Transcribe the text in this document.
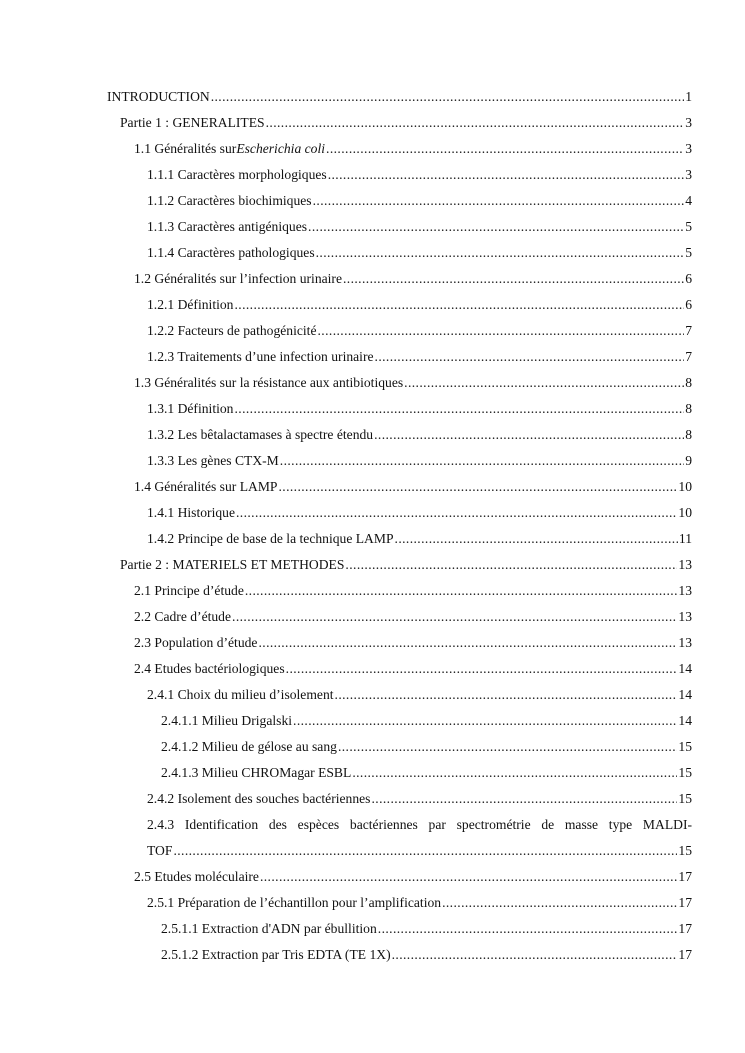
INTRODUCTION .....	1
Partie 1 : GENERALITES .....	3
1.1 Généralités sur Escherichia coli .....	3
1.1.1 Caractères morphologiques .....	3
1.1.2 Caractères biochimiques .....	4
1.1.3 Caractères antigéniques .....	5
1.1.4 Caractères pathologiques .....	5
1.2 Généralités sur l’infection urinaire .....	6
1.2.1 Définition .....	6
1.2.2 Facteurs de pathogénicité .....	7
1.2.3 Traitements d’une infection urinaire .....	7
1.3 Généralités sur la résistance aux antibiotiques .....	8
1.3.1 Définition .....	8
1.3.2 Les bêtalactamases à spectre étendu .....	8
1.3.3 Les gènes CTX-M .....	9
1.4 Généralités sur LAMP .....	10
1.4.1 Historique .....	10
1.4.2 Principe de base de la technique LAMP .....	11
Partie 2 : MATERIELS ET METHODES .....	13
2.1 Principe d’étude .....	13
2.2 Cadre d’étude .....	13
2.3 Population d’étude .....	13
2.4 Etudes bactériologiques .....	14
2.4.1 Choix du milieu d’isolement .....	14
2.4.1.1 Milieu Drigalski .....	14
2.4.1.2 Milieu de gélose au sang .....	15
2.4.1.3 Milieu CHROMagar ESBL .....	15
2.4.2 Isolement des souches bactériennes .....	15
2.4.3 Identification des espèces bactériennes par spectrométrie de masse type MALDI-
TOF .....	15
2.5 Etudes moléculaire .....	17
2.5.1 Préparation de l’échantillon pour l’amplification .....	17
2.5.1.1 Extraction d'ADN par ébullition .....	17
2.5.1.2 Extraction par Tris EDTA (TE 1X) .....	17
